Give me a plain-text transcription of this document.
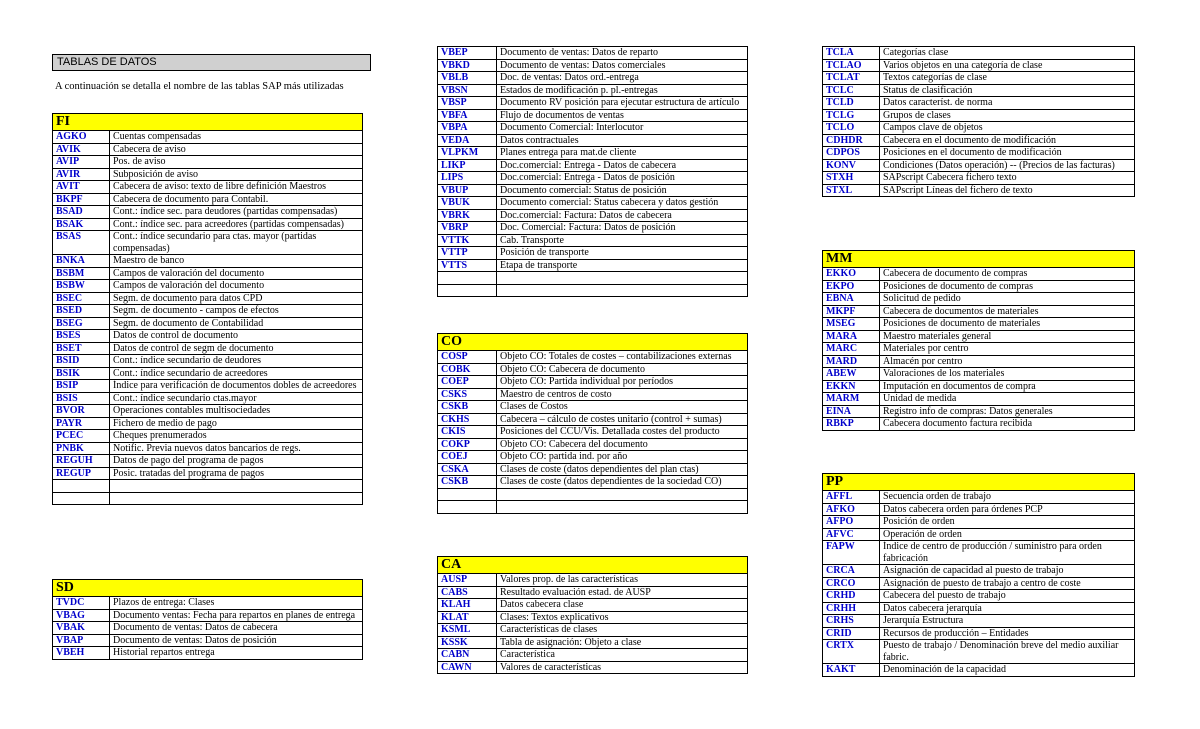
TABLAS DE DATOS
A continuación se detalla el nombre de las tablas SAP más utilizadas
FI	
AGKO	Cuentas compensadas
AVIK	Cabecera de aviso
AVIP	Pos. de aviso
AVIR	Subposición de aviso
AVIT	Cabecera de aviso: texto de libre definición Maestros
BKPF	Cabecera de documento para Contabil.
BSAD	Cont.: índice sec. para deudores (partidas compensadas)
BSAK	Cont.: índice sec. para acreedores (partidas compensadas)
BSAS	Cont.: índice secundario para ctas. mayor (partidas compensadas)
BNKA	Maestro de banco
BSBM	Campos de valoración del documento
BSBW	Campos de valoración del documento
BSEC	Segm. de documento para datos CPD
BSED	Segm. de documento - campos de efectos
BSEG	Segm. de documento de Contabilidad
BSES	Datos de control de documento
BSET	Datos de control de segm de documento
BSID	Cont.: índice secundario de deudores
BSIK	Cont.: índice secundario de acreedores
BSIP	Índice para verificación de documentos dobles de acreedores
BSIS	Cont.: índice secundario ctas.mayor
BVOR	Operaciones contables multisociedades
PAYR	Fichero de medio de pago
PCEC	Cheques prenumerados
PNBK	Notific. Previa nuevos datos bancarios de regs.
REGUH	Datos de pago del programa de pagos
REGUP	Posic. tratadas del programa de pagos

SD	
TVDC	Plazos de entrega: Clases
VBAG	Documento ventas: Fecha para repartos en planes de entrega
VBAK	Documento de ventas: Datos de cabecera
VBAP	Documento de ventas: Datos de posición
VBEH	Historial repartos entrega
VBEP	Documento de ventas: Datos de reparto
VBKD	Documento de ventas: Datos comerciales
VBLB	Doc. de ventas: Datos ord.-entrega
VBSN	Estados de modificación p. pl.-entregas
VBSP	Documento RV posición para ejecutar estructura de artículo
VBFA	Flujo de documentos de ventas
VBPA	Documento Comercial: Interlocutor
VEDA	Datos contractuales
VLPKM	Planes entrega para mat.de cliente
LIKP	Doc.comercial: Entrega - Datos de cabecera
LIPS	Doc.comercial: Entrega - Datos de posición
VBUP	Documento comercial: Status de posición
VBUK	Documento comercial: Status cabecera y datos gestión
VBRK	Doc.comercial: Factura: Datos de cabecera
VBRP	Doc. Comercial: Factura: Datos de posición
VTTK	Cab. Transporte
VTTP	Posición de transporte
VTTS	Etapa de transporte

CO	
COSP	Objeto CO: Totales de costes – contabilizaciones externas
COBK	Objeto CO: Cabecera de documento
COEP	Objeto CO: Partida individual por períodos
CSKS	Maestro de centros de costo
CSKB	Clases de Costos
CKHS	Cabecera – cálculo de costes unitario (control + sumas)
CKIS	Posiciones del CCU/Vis. Detallada costes del producto
COKP	Objeto CO: Cabecera del documento
COEJ	Objeto CO: partida ind. por año
CSKA	Clases de coste (datos dependientes del plan ctas)
CSKB	Clases de coste (datos dependientes de la sociedad CO)

CA	
AUSP	Valores prop. de las características
CABS	Resultado evaluación estad. de AUSP
KLAH	Datos cabecera clase
KLAT	Clases: Textos explicativos
KSML	Características de clases
KSSK	Tabla de asignación: Objeto a clase
CABN	Característica
CAWN	Valores de características
TCLA	Categorías clase
TCLAO	Varios objetos en una categoría de clase
TCLAT	Textos categorías de clase
TCLC	Status de clasificación
TCLD	Datos característ. de norma
TCLG	Grupos de clases
TCLO	Campos clave de objetos
CDHDR	Cabecera en el documento de modificación
CDPOS	Posiciones en el documento de modificación
KONV	Condiciones (Datos operación) -- (Precios de las facturas)
STXH	SAPscript Cabecera fichero texto
STXL	SAPscript Líneas del fichero de texto
MM	
EKKO	Cabecera de documento de compras
EKPO	Posiciones de documento de compras
EBNA	Solicitud de pedido
MKPF	Cabecera de documentos de materiales
MSEG	Posiciones de documento de materiales
MARA	Maestro materiales general
MARC	Materiales por centro
MARD	Almacén por centro
ABEW	Valoraciones de los materiales
EKKN	Imputación en documentos de compra
MARM	Unidad de medida
EINA	Registro info de compras: Datos generales
RBKP	Cabecera documento factura recibida
PP	
AFFL	Secuencia orden de trabajo
AFKO	Datos cabecera orden para órdenes PCP
AFPO	Posición de orden
AFVC	Operación de orden
FAPW	Índice de centro de producción / suministro para orden fabricación
CRCA	Asignación de capacidad al puesto de trabajo
CRCO	Asignación de puesto de trabajo a centro de coste
CRHD	Cabecera del puesto de trabajo
CRHH	Datos cabecera jerarquía
CRHS	Jerarquía Estructura
CRID	Recursos de producción – Entidades
CRTX	Puesto de trabajo / Denominación breve del medio auxiliar fabric.
KAKT	Denominación de la capacidad
